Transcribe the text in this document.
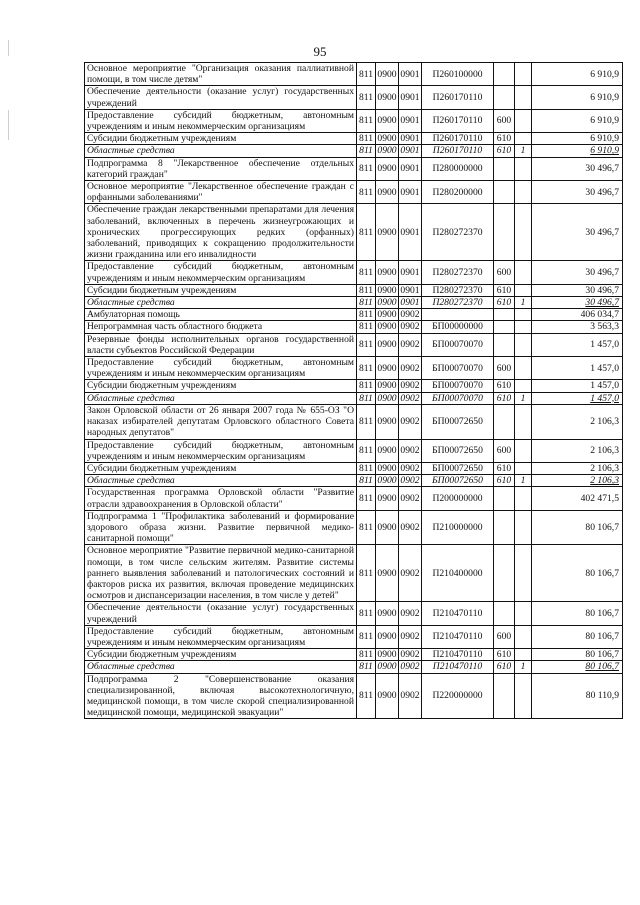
95
Основное мероприятие "Организация оказания паллиативной помощи, в том числе детям"	811	0900	0901	П260100000			6 910,9
Обеспечение деятельности (оказание услуг) государственных учреждений	811	0900	0901	П260170110			6 910,9
Предоставление субсидий бюджетным, автономным учреждениям и иным некоммерческим организациям	811	0900	0901	П260170110	600		6 910,9
Субсидии бюджетным учреждениям	811	0900	0901	П260170110	610		6 910,9
Областные средства	811	0900	0901	П260170110	610	1	6 910,9
Подпрограмма 8 "Лекарственное обеспечение отдельных категорий граждан"	811	0900	0901	П280000000			30 496,7
Основное мероприятие "Лекарственное обеспечение граждан с орфанными заболеваниями"	811	0900	0901	П280200000			30 496,7
Обеспечение граждан лекарственными препаратами для лечения заболеваний, включенных в перечень жизнеугрожающих и хронических прогрессирующих редких (орфанных) заболеваний, приводящих к сокращению продолжительности жизни гражданина или его инвалидности	811	0900	0901	П280272370			30 496,7
Предоставление субсидий бюджетным, автономным учреждениям и иным некоммерческим организациям	811	0900	0901	П280272370	600		30 496,7
Субсидии бюджетным учреждениям	811	0900	0901	П280272370	610		30 496,7
Областные средства	811	0900	0901	П280272370	610	1	30 496,7
Амбулаторная помощь	811	0900	0902				406 034,7
Непрограммная часть областного бюджета	811	0900	0902	БП00000000			3 563,3
Резервные фонды исполнительных органов государственной власти субъектов Российской Федерации	811	0900	0902	БП00070070			1 457,0
Предоставление субсидий бюджетным, автономным учреждениям и иным некоммерческим организациям	811	0900	0902	БП00070070	600		1 457,0
Субсидии бюджетным учреждениям	811	0900	0902	БП00070070	610		1 457,0
Областные средства	811	0900	0902	БП00070070	610	1	1 457,0
Закон Орловской области от 26 января 2007 года № 655-ОЗ "О наказах избирателей депутатам Орловского областного Совета народных депутатов"	811	0900	0902	БП00072650			2 106,3
Предоставление субсидий бюджетным, автономным учреждениям и иным некоммерческим организациям	811	0900	0902	БП00072650	600		2 106,3
Субсидии бюджетным учреждениям	811	0900	0902	БП00072650	610		2 106,3
Областные средства	811	0900	0902	БП00072650	610	1	2 106,3
Государственная программа Орловской области "Развитие отрасли здравоохранения в Орловской области"	811	0900	0902	П200000000			402 471,5
Подпрограмма 1 "Профилактика заболеваний и формирование здорового образа жизни. Развитие первичной медико-санитарной помощи"	811	0900	0902	П210000000			80 106,7
Основное мероприятие "Развитие первичной медико-санитарной помощи, в том числе сельским жителям. Развитие системы раннего выявления заболеваний и патологических состояний и факторов риска их развития, включая проведение медицинских осмотров и диспансеризации населения, в том числе у детей"	811	0900	0902	П210400000			80 106,7
Обеспечение деятельности (оказание услуг) государственных учреждений	811	0900	0902	П210470110			80 106,7
Предоставление субсидий бюджетным, автономным учреждениям и иным некоммерческим организациям	811	0900	0902	П210470110	600		80 106,7
Субсидии бюджетным учреждениям	811	0900	0902	П210470110	610		80 106,7
Областные средства	811	0900	0902	П210470110	610	1	80 106,7
Подпрограмма 2 "Совершенствование оказания специализированной, включая высокотехнологичную, медицинской помощи, в том числе скорой специализированной медицинской помощи, медицинской эвакуации"	811	0900	0902	П220000000			80 110,9
